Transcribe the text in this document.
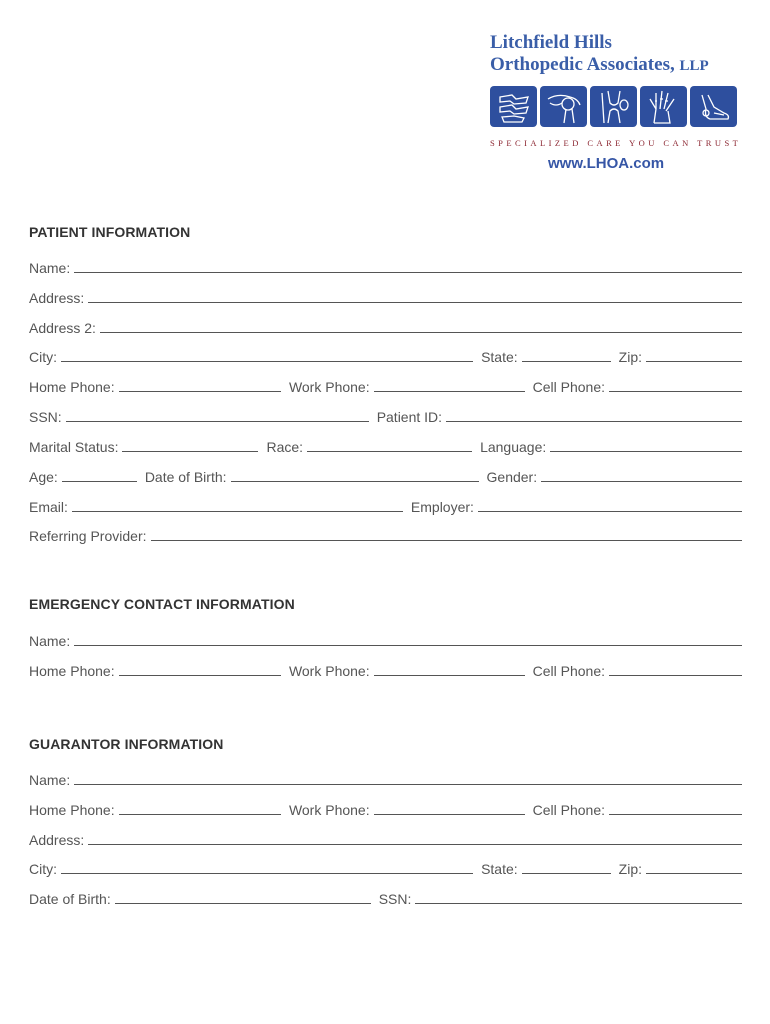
Litchfield Hills
Orthopedic Associates, LLP
SPECIALIZED CARE YOU CAN TRUST
www.LHOA.com
PATIENT INFORMATION
Name:
Address:
Address 2:
City:	State:	Zip:
Home Phone:	Work Phone:	Cell Phone:
SSN:	Patient ID:
Marital Status:	Race:	Language:
Age:	Date of Birth:	Gender:
Email:	Employer:
Referring Provider:
EMERGENCY CONTACT INFORMATION
Name:
Home Phone:	Work Phone:	Cell Phone:
GUARANTOR INFORMATION
Name:
Home Phone:	Work Phone:	Cell Phone:
Address:
City:	State:	Zip:
Date of Birth:	SSN:
